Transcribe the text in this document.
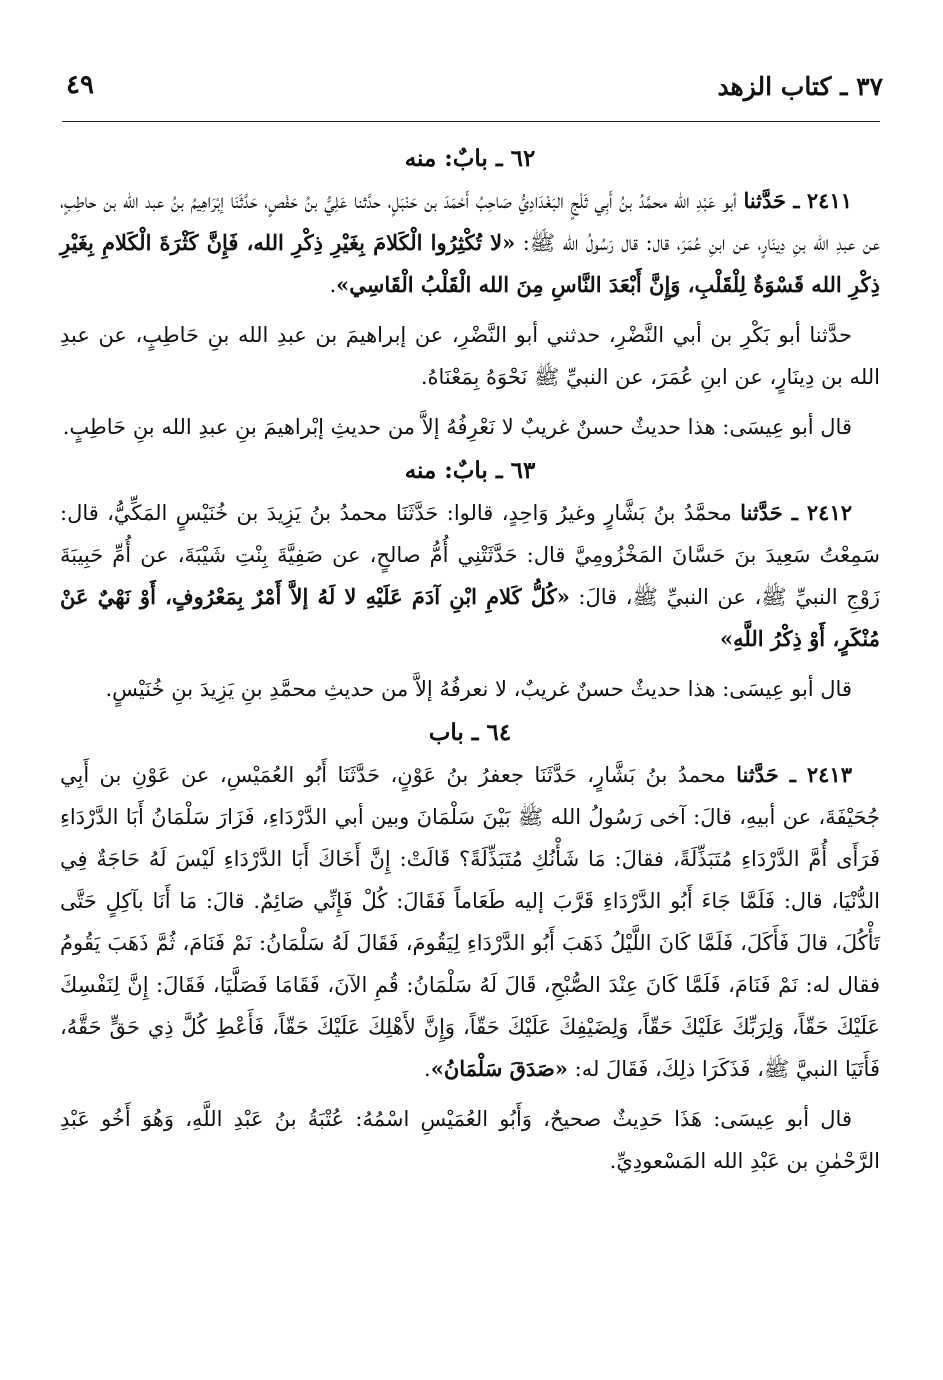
٣٧ ـ كتاب الزهد
٤٩
٦٢ ـ بابٌ: منه

٢٤١١ ـ حَدَّثنا أبو عَبْدِ الله محمَّدُ بنُ أَبِي ثَلْجٍ البَغْدَادِيُّ صَاحِبُ أَحْمَدَ بن حَنْبَلٍ، حدَّثنا عَلِيُّ بنُ حَفْصٍ، حَدَّثَنَا إبْرَاهِيمُ بنُ عبد الله بن حاطِبٍ، عن عبدِ الله بنِ دِينَارٍ، عن ابنِ عُمَرَ، قال: قال رَسُولُ الله ﷺ: «لا تُكْثِرُوا الْكَلامَ بِغَيْرِ ذِكْرِ الله، فَإِنَّ كَثْرَةَ الْكَلامِ بِغَيْرِ ذِكْرِ الله قَسْوَةٌ لِلْقَلْبِ، وَإِنَّ أَبْعَدَ النَّاسِ مِنَ الله الْقَلْبُ الْقَاسِي».

حدَّثنا أبو بَكْرِ بن أبي النَّضْرِ، حدثني أبو النَّضْرِ، عن إبراهيمَ بن عبدِ الله بنِ حَاطِبٍ، عن عبدِ الله بن دِينَارٍ، عن ابنِ عُمَرَ، عن النبيِّ ﷺ نَحْوَهُ بِمَعْنَاهُ.

قال أبو عِيسَى: هذا حديثٌ حسنٌ غريبٌ لا نَعْرِفُهُ إلاَّ من حديثِ إبْراهيمَ بنِ عبدِ الله بنِ حَاطِبٍ.

٦٣ ـ بابٌ: منه

٢٤١٢ ـ حَدَّثنا محمَّدُ بنُ بَشَّارٍ وغيرُ وَاحِدٍ، قالوا: حَدَّثَنَا محمدُ بنُ يَزِيدَ بن خُنَيْسٍ المَكِّيُّ، قال: سَمِعْتُ سَعِيدَ بنَ حَسَّانَ المَخْزُومِيَّ قال: حَدَّثَتْنِي أُمُّ صالحٍ، عن صَفِيَّةَ بِنْتِ شَيْبَةَ، عن أُمِّ حَبِيبَةَ زَوْجِ النبيِّ ﷺ، عن النبيِّ ﷺ، قالَ: «كُلُّ كَلامِ ابْنِ آدَمَ عَلَيْهِ لا لَهُ إلاَّ أَمْرٌ بِمَعْرُوفٍ، أَوْ نَهْيٌ عَنْ مُنْكَرٍ، أَوْ ذِكْرُ اللَّهِ»

قال أبو عِيسَى: هذا حديثٌ حسنٌ غريبٌ، لا نعرفُهُ إلاَّ من حديثِ محمَّدِ بنِ يَزِيدَ بنِ خُنَيْسٍ.

٦٤ ـ باب

٢٤١٣ ـ حَدَّثنا محمدُ بنُ بَشَّارٍ، حَدَّثَنَا جعفرُ بنُ عَوْنٍ، حَدَّثَنَا أَبُو العُمَيْسِ، عن عَوْنِ بن أَبِي جُحَيْفَةَ، عن أبيهِ، قالَ: آخى رَسُولُ الله ﷺ بَيْنَ سَلْمَانَ وبين أبي الدَّرْدَاءِ، فَزَارَ سَلْمَانُ أَبَا الدَّرْدَاءِ فَرَأَى أُمَّ الدَّرْدَاءِ مُتَبَذِّلَةً، فقالَ: مَا شَأْنُكِ مُتَبَذِّلَةً؟ قَالَتْ: إِنَّ أَخَاكَ أَبَا الدَّرْدَاءِ لَيْسَ لَهُ حَاجَةٌ فِي الدُّنْيَا، قال: فَلَمَّا جَاءَ أَبُو الدَّرْدَاءِ قَرَّبَ إليه طَعَاماً فَقَالَ: كُلْ فَإِنِّي صَائِمٌ. قالَ: مَا أَنَا بآكِلٍ حَتَّى تَأْكُلَ، قالَ فَأَكَلَ، فَلَمَّا كَانَ اللَّيْلُ ذَهَبَ أَبُو الدَّرْدَاءِ لِيَقُومَ، فَقَالَ لَهُ سَلْمَانُ: نَمْ فَنَامَ، ثُمَّ ذَهَبَ يَقُومُ فقال له: نَمْ فَنَامَ، فَلَمَّا كَانَ عِنْدَ الصُّبْحِ، قَالَ لَهُ سَلْمَانُ: قُمِ الآنَ، فَقَامَا فَصَلَّيَا، فَقَالَ: إِنَّ لِنَفْسِكَ عَلَيْكَ حَقّاً، وَلِرَبِّكَ عَلَيْكَ حَقّاً، وَلِضَيْفِكَ عَلَيْكَ حَقّاً، وَإِنَّ لأَهْلِكَ عَلَيْكَ حَقّاً، فَأَعْطِ كُلَّ ذِي حَقٍّ حَقَّهُ، فَأَتَيَا النبيَّ ﷺ، فَذَكَرَا ذلِكَ، فَقَالَ له: «صَدَقَ سَلْمَانُ».

قال أبو عِيسَى: هَذَا حَدِيثٌ صحيحٌ، وَأَبُو العُمَيْسِ اسْمُهُ: عُتْبَةُ بنُ عَبْدِ اللَّهِ، وَهُوَ أَخُو عَبْدِ الرَّحْمٰنِ بن عَبْدِ الله المَسْعودِيِّ.
